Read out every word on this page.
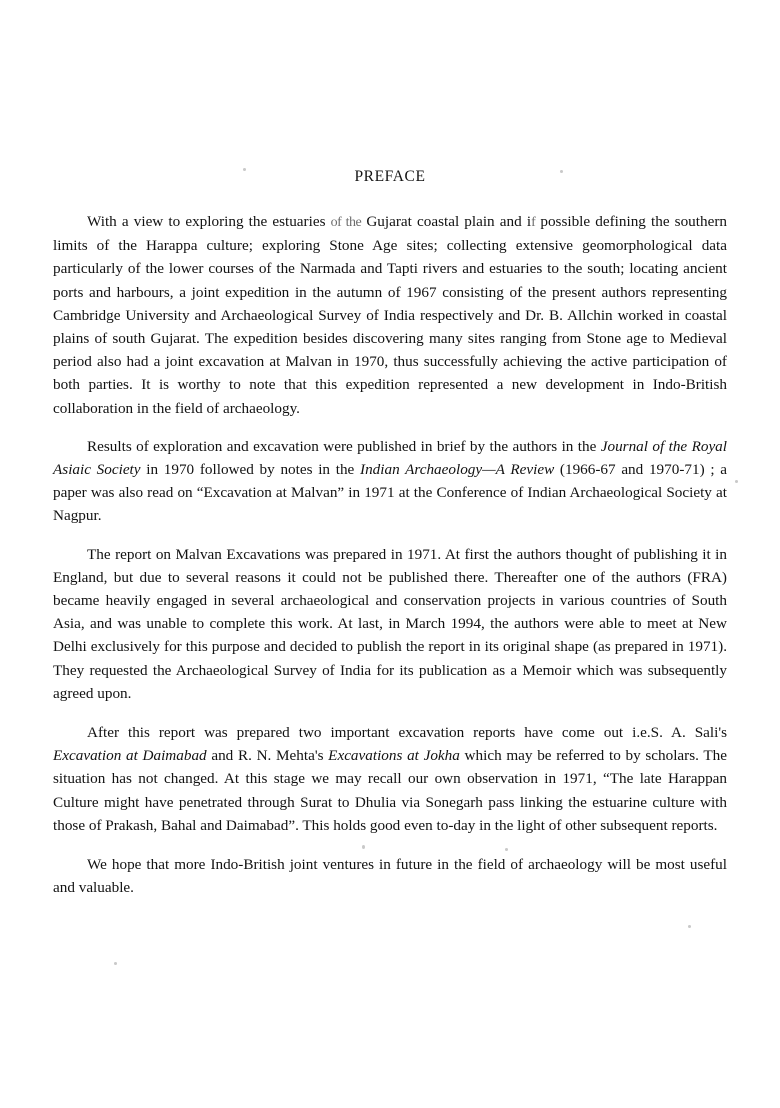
PREFACE

With a view to exploring the estuaries of the Gujarat coastal plain and if possible defining the southern limits of the Harappa culture; exploring Stone Age sites; collecting extensive geomorphological data particularly of the lower courses of the Narmada and Tapti rivers and estuaries to the south; locating ancient ports and harbours, a joint expedition in the autumn of 1967 consisting of the present authors representing Cambridge University and Archaeological Survey of India respectively and Dr. B. Allchin worked in coastal plains of south Gujarat. The expedition besides discovering many sites ranging from Stone age to Medieval period also had a joint excavation at Malvan in 1970, thus successfully achieving the active participation of both parties. It is worthy to note that this expedition represented a new development in Indo-British collaboration in the field of archaeology.

Results of exploration and excavation were published in brief by the authors in the Journal of the Royal Asiaic Society in 1970 followed by notes in the Indian Archaeology—A Review (1966-67 and 1970-71) ; a paper was also read on “Excavation at Malvan” in 1971 at the Conference of Indian Archaeological Society at Nagpur.

The report on Malvan Excavations was prepared in 1971. At first the authors thought of publishing it in England, but due to several reasons it could not be published there. Thereafter one of the authors (FRA) became heavily engaged in several archaeological and conservation projects in various countries of South Asia, and was unable to complete this work. At last, in March 1994, the authors were able to meet at New Delhi exclusively for this purpose and decided to publish the report in its original shape (as prepared in 1971). They requested the Archaeological Survey of India for its publication as a Memoir which was subsequently agreed upon.

After this report was prepared two important excavation reports have come out i.e.S. A. Sali's Excavation at Daimabad and R. N. Mehta's Excavations at Jokha which may be referred to by scholars. The situation has not changed. At this stage we may recall our own observation in 1971, “The late Harappan Culture might have penetrated through Surat to Dhulia via Sonegarh pass linking the estuarine culture with those of Prakash, Bahal and Daimabad”. This holds good even to-day in the light of other subsequent reports.

We hope that more Indo-British joint ventures in future in the field of archaeology will be most useful and valuable.
